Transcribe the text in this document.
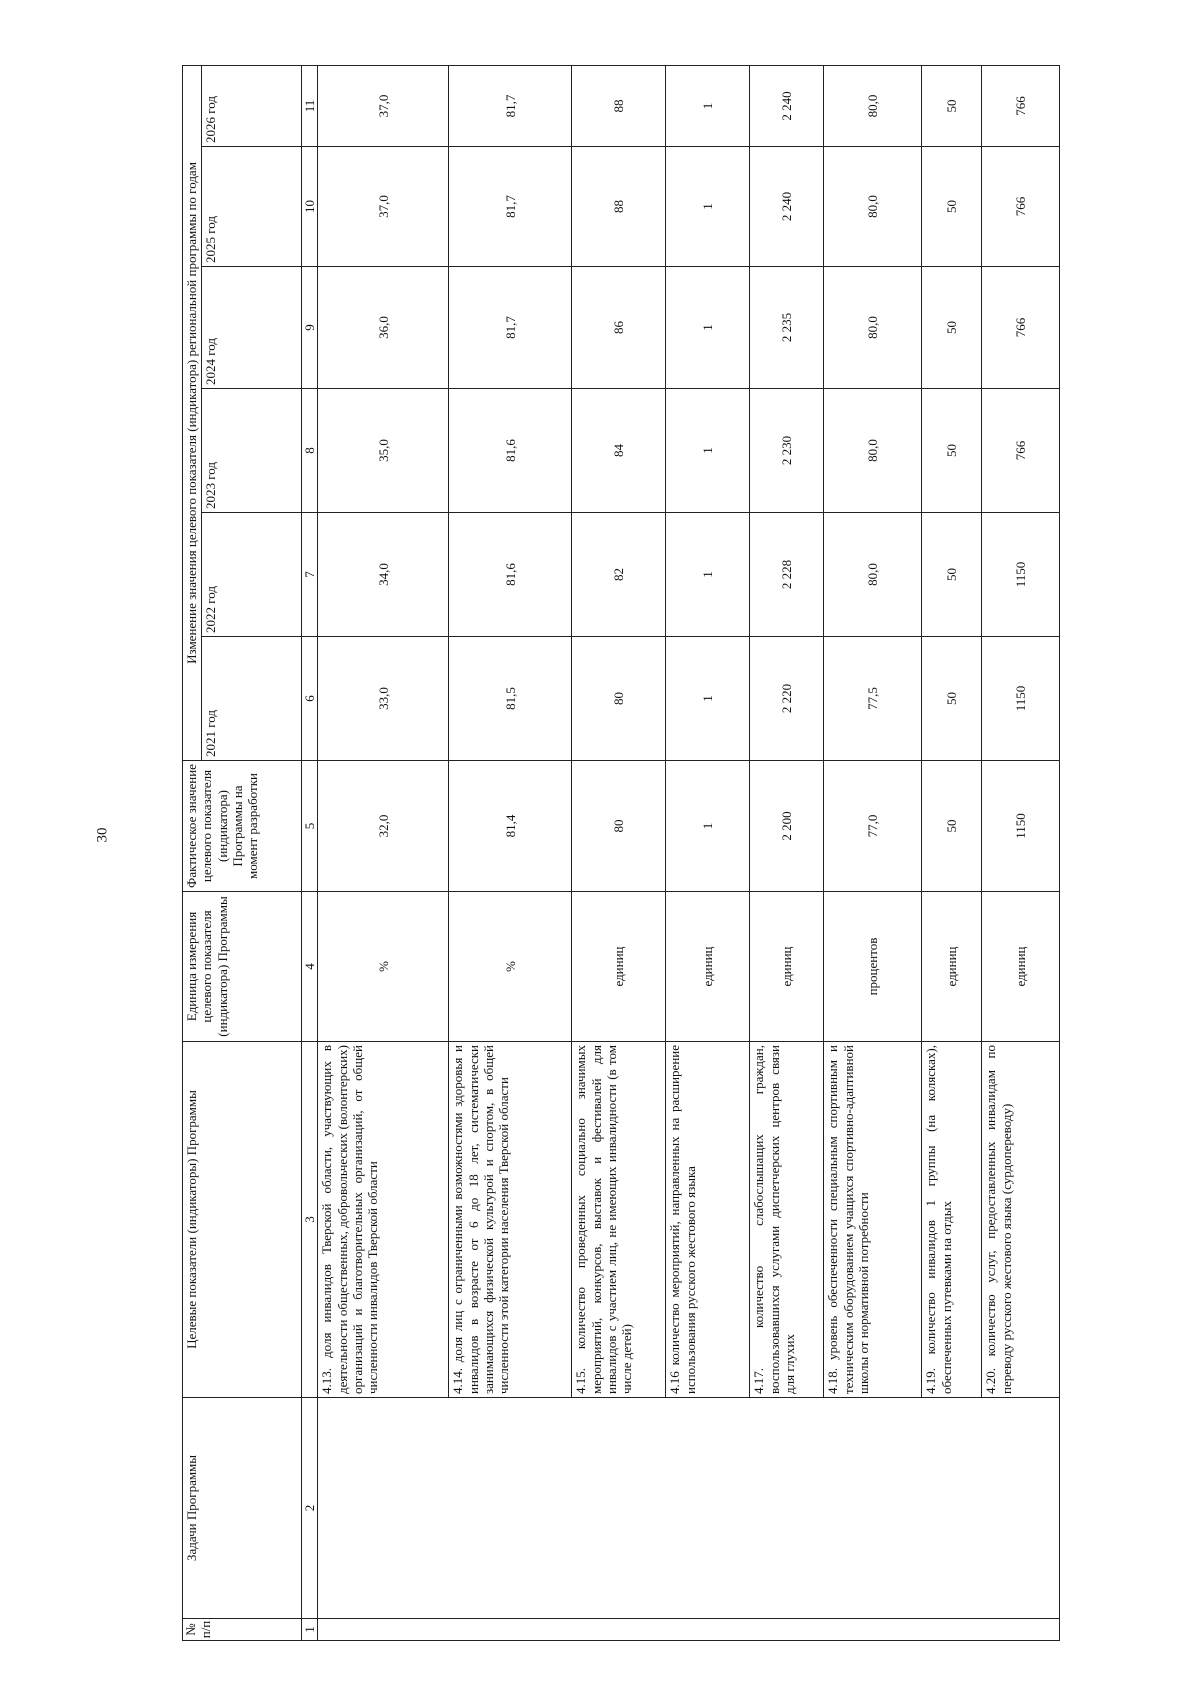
30
№ п/п	Задачи Программы	Целевые показатели (индикаторы) Программы	Единица измерения целевого показателя (индикатора) Программы	Фактическое значение целевого показателя (индикатора) Программы на момент разработки	Изменение значения целевого показателя (индикатора) региональной программы по годам					
					2021 год	2022 год	2023 год	2024 год	2025 год	2026 год
1	2	3	4	5	6	7	8	9	10	11
		4.13. доля инвалидов Тверской области, участвующих в деятельности общественных, добровольческих (волонтерских) организаций и благотворительных организаций, от общей численности инвалидов Тверской области	%	32,0	33,0	34,0	35,0	36,0	37,0	37,0
		4.14. доля лиц с ограниченными возможностями здоровья и инвалидов в возрасте от 6 до 18 лет, систематически занимающихся физической культурой и спортом, в общей численности этой категории населения Тверской области	%	81,4	81,5	81,6	81,6	81,7	81,7	81,7
		4.15. количество проведенных социально значимых мероприятий, конкурсов, выставок и фестивалей для инвалидов с участием лиц, не имеющих инвалидности (в том числе детей)	единиц	80	80	82	84	86	88	88
		4.16 количество мероприятий, направленных на расширение использования русского жестового языка	единиц	1	1	1	1	1	1	1
		4.17. количество слабослышащих граждан, воспользовавшихся услугами диспетчерских центров связи для глухих	единиц	2 200	2 220	2 228	2 230	2 235	2 240	2 240
		4.18. уровень обеспеченности специальным спортивным и техническим оборудованием учащихся спортивно-адаптивной школы от нормативной потребности	процентов	77,0	77,5	80,0	80,0	80,0	80,0	80,0
		4.19. количество инвалидов 1 группы (на колясках), обеспеченных путевками на отдых	единиц	50	50	50	50	50	50	50
		4.20. количество услуг, предоставленных инвалидам по переводу русского жестового языка (сурдопереводу)	единиц	1150	1150	1150	766	766	766	766
